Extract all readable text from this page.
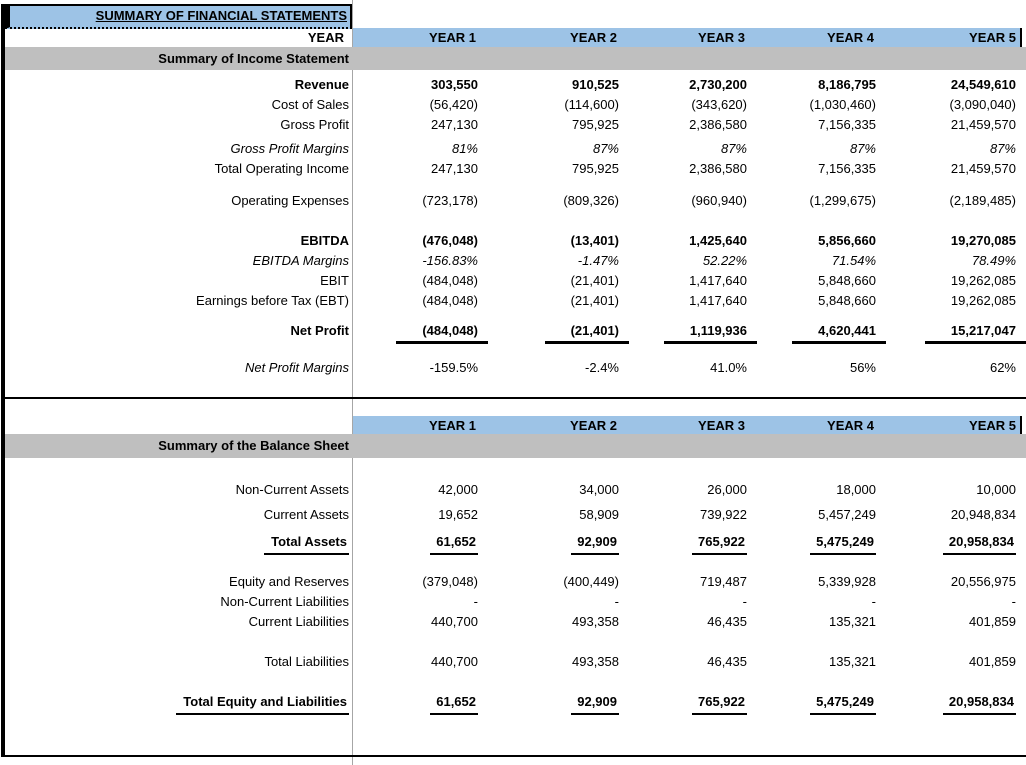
SUMMARY OF FINANCIAL STATEMENTS
YEAR	YEAR 1	YEAR 2	YEAR 3	YEAR 4	YEAR 5
Summary of Income Statement
Revenue	303,550	910,525	2,730,200	8,186,795	24,549,610
Cost of Sales	(56,420)	(114,600)	(343,620)	(1,030,460)	(3,090,040)
Gross Profit	247,130	795,925	2,386,580	7,156,335	21,459,570
Gross Profit Margins	81%	87%	87%	87%	87%
Total Operating Income	247,130	795,925	2,386,580	7,156,335	21,459,570
Operating Expenses	(723,178)	(809,326)	(960,940)	(1,299,675)	(2,189,485)
EBITDA	(476,048)	(13,401)	1,425,640	5,856,660	19,270,085
EBITDA Margins	-156.83%	-1.47%	52.22%	71.54%	78.49%
EBIT	(484,048)	(21,401)	1,417,640	5,848,660	19,262,085
Earnings before Tax (EBT)	(484,048)	(21,401)	1,417,640	5,848,660	19,262,085
Net Profit	(484,048)	(21,401)	1,119,936	4,620,441	15,217,047
Net Profit Margins	-159.5%	-2.4%	41.0%	56%	62%
YEAR 1	YEAR 2	YEAR 3	YEAR 4	YEAR 5
Summary of the Balance Sheet
Non-Current Assets	42,000	34,000	26,000	18,000	10,000
Current Assets	19,652	58,909	739,922	5,457,249	20,948,834
Total Assets	61,652	92,909	765,922	5,475,249	20,958,834
Equity and Reserves	(379,048)	(400,449)	719,487	5,339,928	20,556,975
Non-Current Liabilities	-	-	-	-	-
Current Liabilities	440,700	493,358	46,435	135,321	401,859
Total Liabilities	440,700	493,358	46,435	135,321	401,859
Total Equity and Liabilities	61,652	92,909	765,922	5,475,249	20,958,834
